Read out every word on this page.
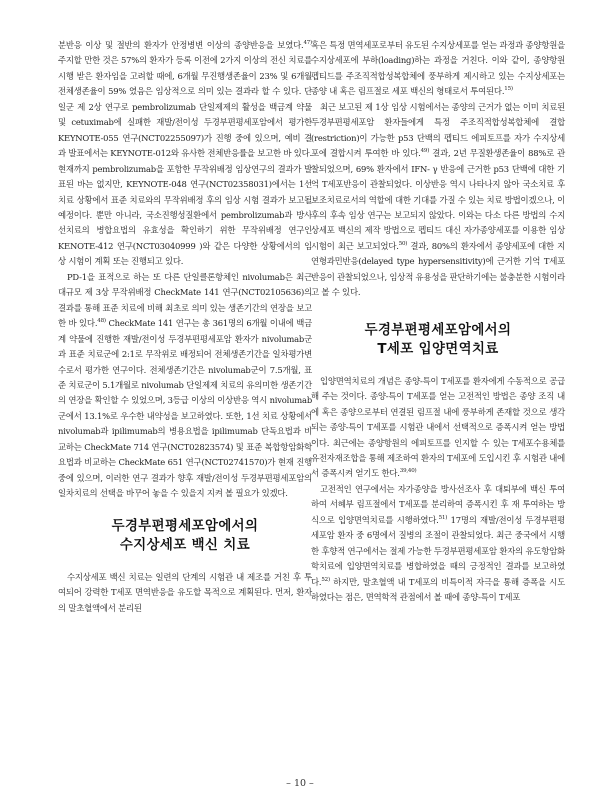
분반응 이상 및 절반의 환자가 안정병변 이상의 종양반응을 보였다.$^{47)}$ 주지할 만한 것은 57%의 환자가 등록 이전에 2가지 이상의 전신 치료를 시행 받은 환자임을 고려할 때에, 6개월 무진행생존율이 23% 및 6개월 전체생존율이 59% 였음은 임상적으로 의미 있는 결과라 할 수 있다. 단일군 제 2상 연구로 pembrolizumab 단일제제의 활성을 백금계 약물 및 cetuximab에 실패한 재발/전이성 두경부편평세포암에서 평가한 KEYNOTE-055 연구(NCT02255097)가 진행 중에 있으며, 예비 결과 발표에서는 KEYNOTE-012와 유사한 전체반응률을 보고한 바 있다. 현재까지 pembrolizumab을 포함한 무작위배정 임상연구의 결과가 발표된 바는 없지만, KEYNOTE-048 연구(NCT02358031)에서는 1선 치료 상황에서 표준 치료와의 무작위배정 후의 임상 시험 결과가 보고될 예정이다. 뿐만 아니라, 국소진행성질환에서 pembrolizumab과 방사선치료의 병합요법의 유효성을 확인하기 위한 무작위배정 연구인 KENOTE-412 연구(NCT03040999 )와 같은 다양한 상황에서의 임상 시험이 계획 또는 진행되고 있다.

PD-1을 표적으로 하는 또 다른 단일클론항체인 nivolumab은 최근 대규모 제 3상 무작위배정 CheckMate 141 연구(NCT02105636)의 결과를 통해 표준 치료에 비해 최초로 의미 있는 생존기간의 연장을 보고한 바 있다.$^{48)}$ CheckMate 141 연구는 총 361명의 6개월 이내에 백금계 약물에 진행한 재발/전이성 두경부편평세포암 환자가 nivolumab군과 표준 치료군에 2:1로 무작위로 배정되어 전체생존기간을 일차평가변수로서 평가한 연구이다. 전체생존기간은 nivolumab군이 7.5개월, 표준 치료군이 5.1개월로 nivolumab 단일제제 치료의 유의미한 생존기간의 연장을 확인할 수 있었으며, 3등급 이상의 이상반응 역시 nivolumab군에서 13.1%로 우수한 내약성을 보고하였다. 또한, 1선 치료 상황에서 nivolumab과 ipilimumab의 병용요법을 ipilimumab 단독요법과 비교하는 CheckMate 714 연구(NCT02823574) 및 표준 복합항암화학요법과 비교하는 CheckMate 651 연구(NCT02741570)가 현재 진행 중에 있으며, 이러한 연구 결과가 향후 재발/전이성 두경부편평세포암의 일차치료의 선택을 바꾸어 놓을 수 있을지 지켜 볼 필요가 있겠다.

두경부편평세포암에서의
수지상세포 백신 치료

수지상세포 백신 치료는 일련의 단계의 시험관 내 제조를 거친 후 투여되어 강력한 T세포 면역반응을 유도할 목적으로 계획된다. 먼저, 환자의 말초혈액에서 분리된

혹은 특정 면역세포로부터 유도된 수지상세포를 얻는 과정과 종양항원을 수지상세포에 부하(loading)하는 과정을 거친다. 이와 같이, 종양항원 펩티드를 주조직적합성복합체에 풍부하게 제시하고 있는 수지상세포는 종양 내 혹은 림프절로 세포 백신의 형태로서 투여된다.$^{15)}$

최근 보고된 제 1상 임상 시험에서는 종양의 근거가 없는 이미 치료된 두경부편평세포암 환자들에게 특정 주조직적합성복합체에 결합(restriction)이 가능한 p53 단백의 펩티드 에피토프를 자가 수지상세포에 결합시켜 투여한 바 있다.$^{49)}$ 결과, 2년 무질환생존율이 88%로 관찰되었으며, 69% 환자에서 IFN- γ 반응에 근거한 p53 단백에 대한 기억 T세포반응이 관찰되었다. 이상반응 역시 나타나지 않아 국소치료 후 보조치료로서의 역할에 대한 기대를 가질 수 있는 치료 방법이겠으나, 이후의 후속 임상 연구는 보고되지 않았다. 이와는 다소 다른 방법의 수지상세포 백신의 제작 방법으로 펩티드 대신 자가종양세포를 이용한 임상 시험이 최근 보고되었다.$^{50)}$ 결과, 80%의 환자에서 종양세포에 대한 지연형과민반응(delayed type hypersensitivity)에 근거한 기억 T세포 반응이 관찰되었으나, 임상적 유용성을 판단하기에는 불충분한 시험이라고 볼 수 있다.

두경부편평세포암에서의
T세포 입양면역치료

입양면역치료의 개념은 종양-특이 T세포를 환자에게 수동적으로 공급해 주는 것이다. 종양-특이 T세포를 얻는 고전적인 방법은 종양 조직 내에 혹은 종양으로부터 연결된 림프절 내에 풍부하게 존재할 것으로 생각되는 종양-특이 T세포를 시험관 내에서 선택적으로 증폭시켜 얻는 방법이다. 최근에는 종양항원의 에피토프를 인지할 수 있는 T세포수용체를 유전자재조합을 통해 제조하여 환자의 T세포에 도입시킨 후 시험관 내에서 증폭시켜 얻기도 한다.$^{39,40)}$

고전적인 연구에서는 자가종양을 방사선조사 후 대퇴부에 백신 투여하여 서혜부 림프절에서 T세포를 분리하여 증폭시킨 후 재 투여하는 방식으로 입양면역치료를 시행하였다.$^{51)}$ 17명의 재발/전이성 두경부편평세포암 환자 중 6명에서 질병의 조절이 관찰되었다. 최근 중국에서 시행한 후향적 연구에서는 절제 가능한 두경부편평세포암 환자의 유도항암화학치료에 입양면역치료를 병합하였을 때의 긍정적인 결과를 보고하였다.$^{52)}$ 하지만, 말초혈액 내 T세포의 비특이적 자극을 통해 증폭을 시도하였다는 점은, 면역학적 관점에서 볼 때에 종양-특이 T세포

– 10 –
